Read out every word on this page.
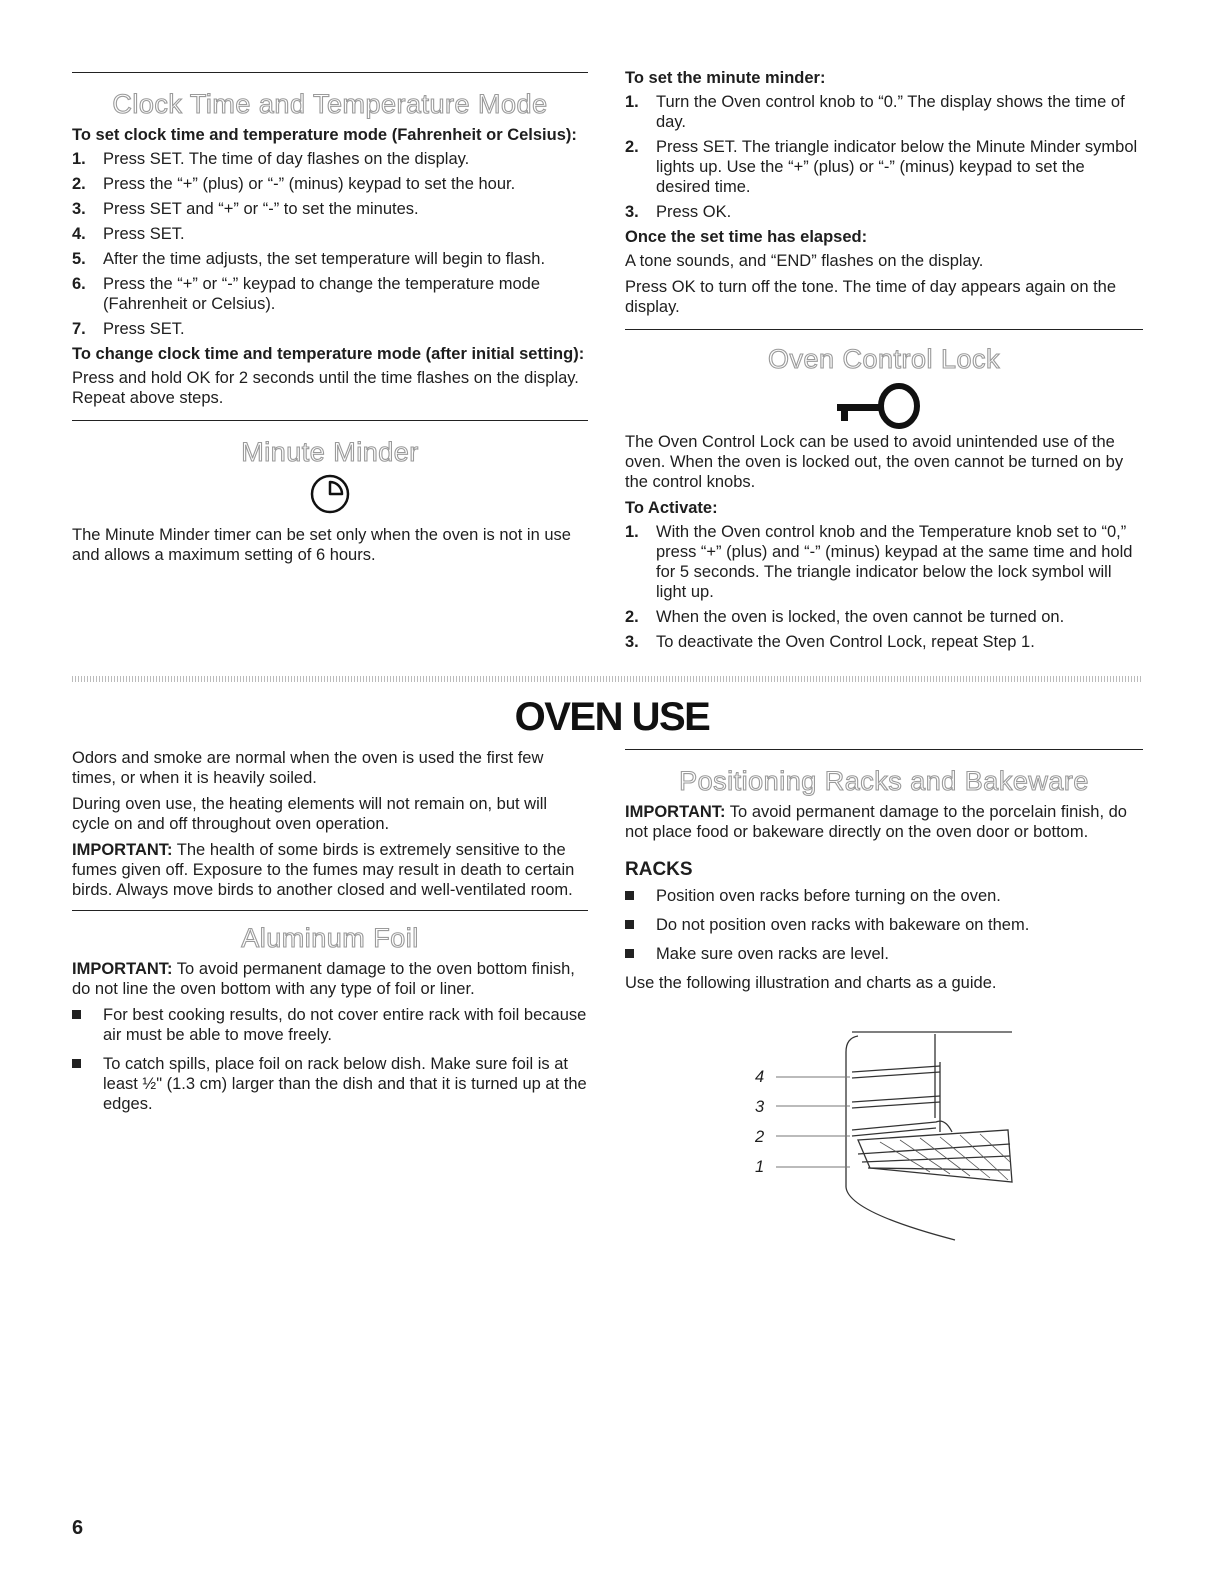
Clock Time and Temperature Mode
To set clock time and temperature mode (Fahrenheit or Celsius):
1. Press SET. The time of day flashes on the display.
2. Press the “+” (plus) or “-” (minus) keypad to set the hour.
3. Press SET and “+” or “-” to set the minutes.
4. Press SET.
5. After the time adjusts, the set temperature will begin to flash.
6. Press the “+” or “-” keypad to change the temperature mode (Fahrenheit or Celsius).
7. Press SET.
To change clock time and temperature mode (after initial setting):

Press and hold OK for 2 seconds until the time flashes on the display. Repeat above steps.

Minute Minder

The Minute Minder timer can be set only when the oven is not in use and allows a maximum setting of 6 hours.

To set the minute minder:
1. Turn the Oven control knob to “0.” The display shows the time of day.
2. Press SET. The triangle indicator below the Minute Minder symbol lights up. Use the “+” (plus) or “-” (minus) keypad to set the desired time.
3. Press OK.
Once the set time has elapsed:

A tone sounds, and “END” flashes on the display.

Press OK to turn off the tone. The time of day appears again on the display.

Oven Control Lock

The Oven Control Lock can be used to avoid unintended use of the oven. When the oven is locked out, the oven cannot be turned on by the control knobs.

To Activate:
1. With the Oven control knob and the Temperature knob set to “0,” press “+” (plus) and “-” (minus) keypad at the same time and hold for 5 seconds. The triangle indicator below the lock symbol will light up.
2. When the oven is locked, the oven cannot be turned on.
3. To deactivate the Oven Control Lock, repeat Step 1.
OVEN USE

Odors and smoke are normal when the oven is used the first few times, or when it is heavily soiled.

During oven use, the heating elements will not remain on, but will cycle on and off throughout oven operation.

IMPORTANT: The health of some birds is extremely sensitive to the fumes given off. Exposure to the fumes may result in death to certain birds. Always move birds to another closed and well-ventilated room.

Aluminum Foil

IMPORTANT: To avoid permanent damage to the oven bottom finish, do not line the oven bottom with any type of foil or liner.

For best cooking results, do not cover entire rack with foil because air must be able to move freely.
To catch spills, place foil on rack below dish. Make sure foil is at least ½" (1.3 cm) larger than the dish and that it is turned up at the edges.
Positioning Racks and Bakeware

IMPORTANT: To avoid permanent damage to the porcelain finish, do not place food or bakeware directly on the oven door or bottom.

RACKS
Position oven racks before turning on the oven.
Do not position oven racks with bakeware on them.
Make sure oven racks are level.

Use the following illustration and charts as a guide.

4
3
2
1
6
